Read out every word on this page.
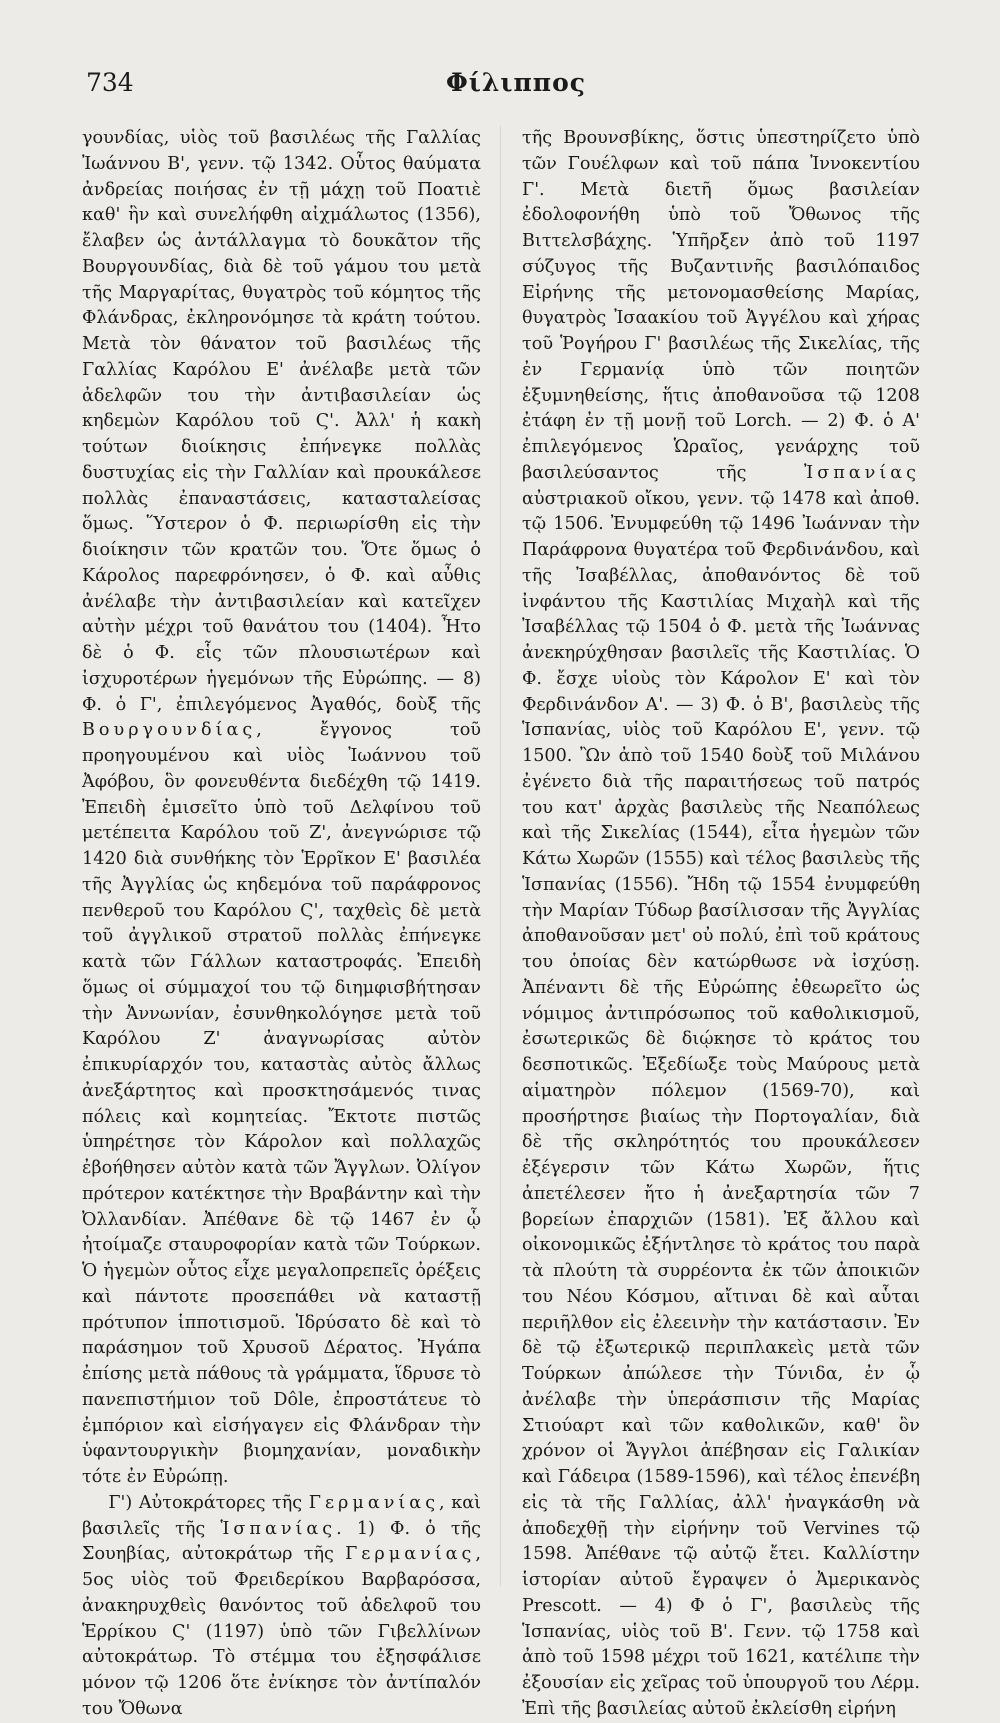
734	Φίλιππος

γουνδίας, υἱὸς τοῦ βασιλέως τῆς Γαλλίας Ἰωάννου Β', γενν. τῷ 1342. Οὗτος θαύματα ἀνδρείας ποιήσας ἐν τῇ μάχῃ τοῦ Ποατιὲ καθ' ἣν καὶ συνελήφθη αἰχμάλωτος (1356), ἔλαβεν ὡς ἀντάλλαγμα τὸ δουκᾶτον τῆς Βουργουνδίας, διὰ δὲ τοῦ γάμου του μετὰ τῆς Μαργαρίτας, θυγατρὸς τοῦ κόμητος τῆς Φλάνδρας, ἐκληρονόμησε τὰ κράτη τούτου. Μετὰ τὸν θάνατον τοῦ βασιλέως τῆς Γαλλίας Καρόλου Ε' ἀνέλαβε μετὰ τῶν ἀδελφῶν του τὴν ἀντιβασιλείαν ὡς κηδεμὼν Καρόλου τοῦ Ϛ'. Ἀλλ' ἡ κακὴ τούτων διοίκησις ἐπήνεγκε πολλὰς δυστυχίας εἰς τὴν Γαλλίαν καὶ προυκάλεσε πολλὰς ἐπαναστάσεις, κατασταλείσας ὅμως. Ὕστερον ὁ Φ. περιωρίσθη εἰς τὴν διοίκησιν τῶν κρατῶν του. Ὅτε ὅμως ὁ Κάρολος παρεφρόνησεν, ὁ Φ. καὶ αὖθις ἀνέλαβε τὴν ἀντιβασιλείαν καὶ κατεῖχεν αὐτὴν μέχρι τοῦ θανάτου του (1404). Ἦτο δὲ ὁ Φ. εἷς τῶν πλουσιωτέρων καὶ ἰσχυροτέρων ἡγεμόνων τῆς Εὐρώπης. — 8) Φ. ὁ Γ', ἐπιλεγόμενος Ἀγαθός, δοὺξ τῆς Βουργουνδίας, ἔγγονος τοῦ προηγουμένου καὶ υἱὸς Ἰωάννου τοῦ Ἀφόβου, ὃν φονευθέντα διεδέχθη τῷ 1419. Ἐπειδὴ ἐμισεῖτο ὑπὸ τοῦ Δελφίνου τοῦ μετέπειτα Καρόλου τοῦ Ζ', ἀνεγνώρισε τῷ 1420 διὰ συνθήκης τὸν Ἑρρῖκον Ε' βασιλέα τῆς Ἀγγλίας ὡς κηδεμόνα τοῦ παράφρονος πενθεροῦ του Καρόλου Ϛ', ταχθεὶς δὲ μετὰ τοῦ ἀγγλικοῦ στρατοῦ πολλὰς ἐπήνεγκε κατὰ τῶν Γάλλων καταστροφάς. Ἐπειδὴ ὅμως οἱ σύμμαχοί του τῷ διημφισβήτησαν τὴν Ἀννωνίαν, ἐσυνθηκολόγησε μετὰ τοῦ Καρόλου Ζ' ἀναγνωρίσας αὐτὸν ἐπικυρίαρχόν του, καταστὰς αὐτὸς ἄλλως ἀνεξάρτητος καὶ προσκτησάμενός τινας πόλεις καὶ κομητείας. Ἔκτοτε πιστῶς ὑπηρέτησε τὸν Κάρολον καὶ πολλαχῶς ἐβοήθησεν αὐτὸν κατὰ τῶν Ἄγγλων. Ὀλίγον πρότερον κατέκτησε τὴν Βραβάντην καὶ τὴν Ὀλλανδίαν. Ἀπέθανε δὲ τῷ 1467 ἐν ᾧ ἠτοίμαζε σταυροφορίαν κατὰ τῶν Τούρκων. Ὁ ἡγεμὼν οὗτος εἶχε μεγαλοπρεπεῖς ὀρέξεις καὶ πάντοτε προσεπάθει νὰ καταστῇ πρότυπον ἱπποτισμοῦ. Ἱδρύσατο δὲ καὶ τὸ παράσημον τοῦ Χρυσοῦ Δέρατος. Ἠγάπα ἐπίσης μετὰ πάθους τὰ γράμματα, ἵδρυσε τὸ πανεπιστήμιον τοῦ Dôle, ἐπροστάτευε τὸ ἐμπόριον καὶ εἰσήγαγεν εἰς Φλάνδραν τὴν ὑφαντουργικὴν βιομηχανίαν, μοναδικὴν τότε ἐν Εὐρώπῃ.

Γ') Αὐτοκράτορες τῆς Γερμανίας, καὶ βασιλεῖς τῆς Ἱσπανίας. 1) Φ. ὁ τῆς Σουηβίας, αὐτοκράτωρ τῆς Γερμανίας, 5ος υἱὸς τοῦ Φρειδερίκου Βαρβαρόσσα, ἀνακηρυχθεὶς θανόντος τοῦ ἀδελφοῦ του Ἑρρίκου Ϛ' (1197) ὑπὸ τῶν Γιβελλίνων αὐτοκράτωρ. Τὸ στέμμα του ἐξησφάλισε μόνον τῷ 1206 ὅτε ἐνίκησε τὸν ἀντίπαλόν του Ὄθωνα

τῆς Βρουνσβίκης, ὅστις ὑπεστηρίζετο ὑπὸ τῶν Γουέλφων καὶ τοῦ πάπα Ἰννοκεντίου Γ'. Μετὰ διετῆ ὅμως βασιλείαν ἐδολοφονήθη ὑπὸ τοῦ Ὄθωνος τῆς Βιττελσβάχης. Ὑπῆρξεν ἀπὸ τοῦ 1197 σύζυγος τῆς Βυζαντινῆς βασιλόπαιδος Εἰρήνης τῆς μετονομασθείσης Μαρίας, θυγατρὸς Ἰσαακίου τοῦ Ἀγγέλου καὶ χήρας τοῦ Ῥογήρου Γ' βασιλέως τῆς Σικελίας, τῆς ἐν Γερμανίᾳ ὑπὸ τῶν ποιητῶν ἐξυμνηθείσης, ἥτις ἀποθανοῦσα τῷ 1208 ἐτάφη ἐν τῇ μονῇ τοῦ Lorch. — 2) Φ. ὁ Α' ἐπιλεγόμενος Ὡραῖος, γενάρχης τοῦ βασιλεύσαντος τῆς	Ἰσπανίας αὐστριακοῦ οἴκου, γενν. τῷ 1478 καὶ ἀποθ. τῷ 1506. Ἐνυμφεύθη τῷ 1496 Ἰωάνναν τὴν Παράφρονα θυγατέρα τοῦ Φερδινάνδου, καὶ τῆς Ἰσαβέλλας, ἀποθανόντος δὲ τοῦ ἰνφάντου τῆς Καστιλίας Μιχαὴλ καὶ τῆς Ἰσαβέλλας τῷ 1504 ὁ Φ. μετὰ τῆς Ἰωάννας ἀνεκηρύχθησαν βασιλεῖς τῆς Καστιλίας. Ὁ Φ. ἔσχε υἱοὺς τὸν Κάρολον Ε' καὶ τὸν Φερδινάνδον Α'. — 3) Φ. ὁ Β', βασιλεὺς τῆς Ἱσπανίας, υἱὸς τοῦ Καρόλου Ε', γενν. τῷ 1500. Ὢν ἀπὸ τοῦ 1540 δοὺξ τοῦ Μιλάνου ἐγένετο διὰ τῆς παραιτήσεως τοῦ πατρός του κατ' ἀρχὰς βασιλεὺς τῆς Νεαπόλεως καὶ τῆς Σικελίας (1544), εἶτα ἡγεμὼν τῶν Κάτω Χωρῶν (1555) καὶ τέλος βασιλεὺς τῆς Ἱσπανίας (1556). Ἤδη τῷ 1554 ἐνυμφεύθη τὴν Μαρίαν Τύδωρ βασίλισσαν τῆς Ἀγγλίας ἀποθανοῦσαν μετ' οὐ πολύ, ἐπὶ τοῦ κράτους του ὁποίας δὲν κατώρθωσε νὰ ἰσχύσῃ. Ἀπέναντι δὲ τῆς Εὐρώπης ἐθεωρεῖτο ὡς νόμιμος ἀντιπρόσωπος τοῦ καθολικισμοῦ, ἐσωτερικῶς δὲ διῴκησε τὸ κράτος του δεσποτικῶς. Ἐξεδίωξε τοὺς Μαύρους μετὰ αἱματηρὸν πόλεμον (1569-70), καὶ προσήρτησε βιαίως τὴν Πορτογαλίαν, διὰ δὲ τῆς σκληρότητός του προυκάλεσεν ἐξέγερσιν τῶν Κάτω Χωρῶν, ἥτις ἀπετέλεσεν ἤτο ἡ ἀνεξαρτησία τῶν 7 βορείων ἐπαρχιῶν (1581). Ἐξ ἄλλου καὶ οἰκονομικῶς ἐξήντλησε τὸ κράτος του παρὰ τὰ πλούτη τὰ συρρέοντα ἐκ τῶν ἀποικιῶν του Νέου Κόσμου, αἴτιναι δὲ καὶ αὗται περιῆλθον εἰς ἐλεεινὴν τὴν κατάστασιν. Ἐν δὲ τῷ ἐξωτερικῷ περιπλακεὶς μετὰ τῶν Τούρκων ἀπώλεσε τὴν Τύνιδα, ἐν ᾧ ἀνέλαβε τὴν ὑπεράσπισιν τῆς Μαρίας Στιούαρτ καὶ τῶν καθολικῶν, καθ' ὃν χρόνον οἱ Ἄγγλοι ἀπέβησαν εἰς Γαλικίαν καὶ Γάδειρα (1589-1596), καὶ τέλος ἐπενέβη εἰς τὰ τῆς Γαλλίας, ἀλλ' ἠναγκάσθη νὰ ἀποδεχθῇ τὴν εἰρήνην τοῦ Vervines τῷ 1598. Ἀπέθανε τῷ αὐτῷ ἔτει. Καλλίστην ἱστορίαν αὐτοῦ ἔγραψεν ὁ Ἀμερικανὸς Prescott. — 4) Φ ὁ Γ', βασιλεὺς τῆς Ἱσπανίας, υἱὸς τοῦ Β'. Γενν. τῷ 1758 καὶ ἀπὸ τοῦ 1598 μέχρι τοῦ 1621, κατέλιπε τὴν ἐξουσίαν εἰς χεῖρας τοῦ ὑπουργοῦ του Λέρμ. Ἐπὶ τῆς βασιλείας αὐτοῦ ἐκλείσθη εἰρήνη
